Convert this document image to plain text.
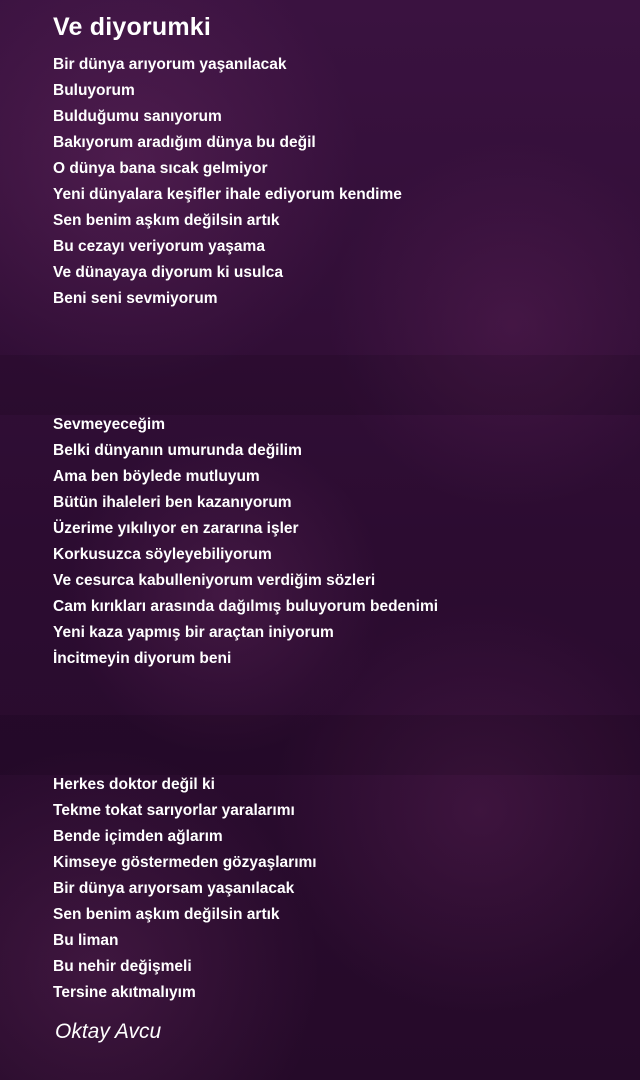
Ve diyorumki
Bir dünya arıyorum yaşanılacak
Buluyorum
Bulduğumu sanıyorum
Bakıyorum aradığım dünya bu değil
O dünya bana sıcak gelmiyor
Yeni dünyalara keşifler ihale ediyorum kendime
Sen benim aşkım değilsin artık
Bu cezayı veriyorum yaşama
Ve dünayaya diyorum ki usulca
Beni seni sevmiyorum
Sevmeyeceğim
Belki dünyanın umurunda değilim
Ama ben böylede mutluyum
Bütün ihaleleri ben kazanıyorum
Üzerime yıkılıyor en zararına işler
Korkusuzca söyleyebiliyorum
Ve cesurca kabulleniyorum verdiğim sözleri
Cam kırıkları arasında dağılmış buluyorum bedenimi
Yeni kaza yapmış bir araçtan iniyorum
İncitmeyin diyorum beni
Herkes doktor değil ki
Tekme tokat sarıyorlar yaralarımı
Bende içimden ağlarım
Kimseye göstermeden gözyaşlarımı
Bir dünya arıyorsam yaşanılacak
Sen benim aşkım değilsin artık
Bu liman
Bu nehir değişmeli
Tersine akıtmalıyım
Oktay Avcu
